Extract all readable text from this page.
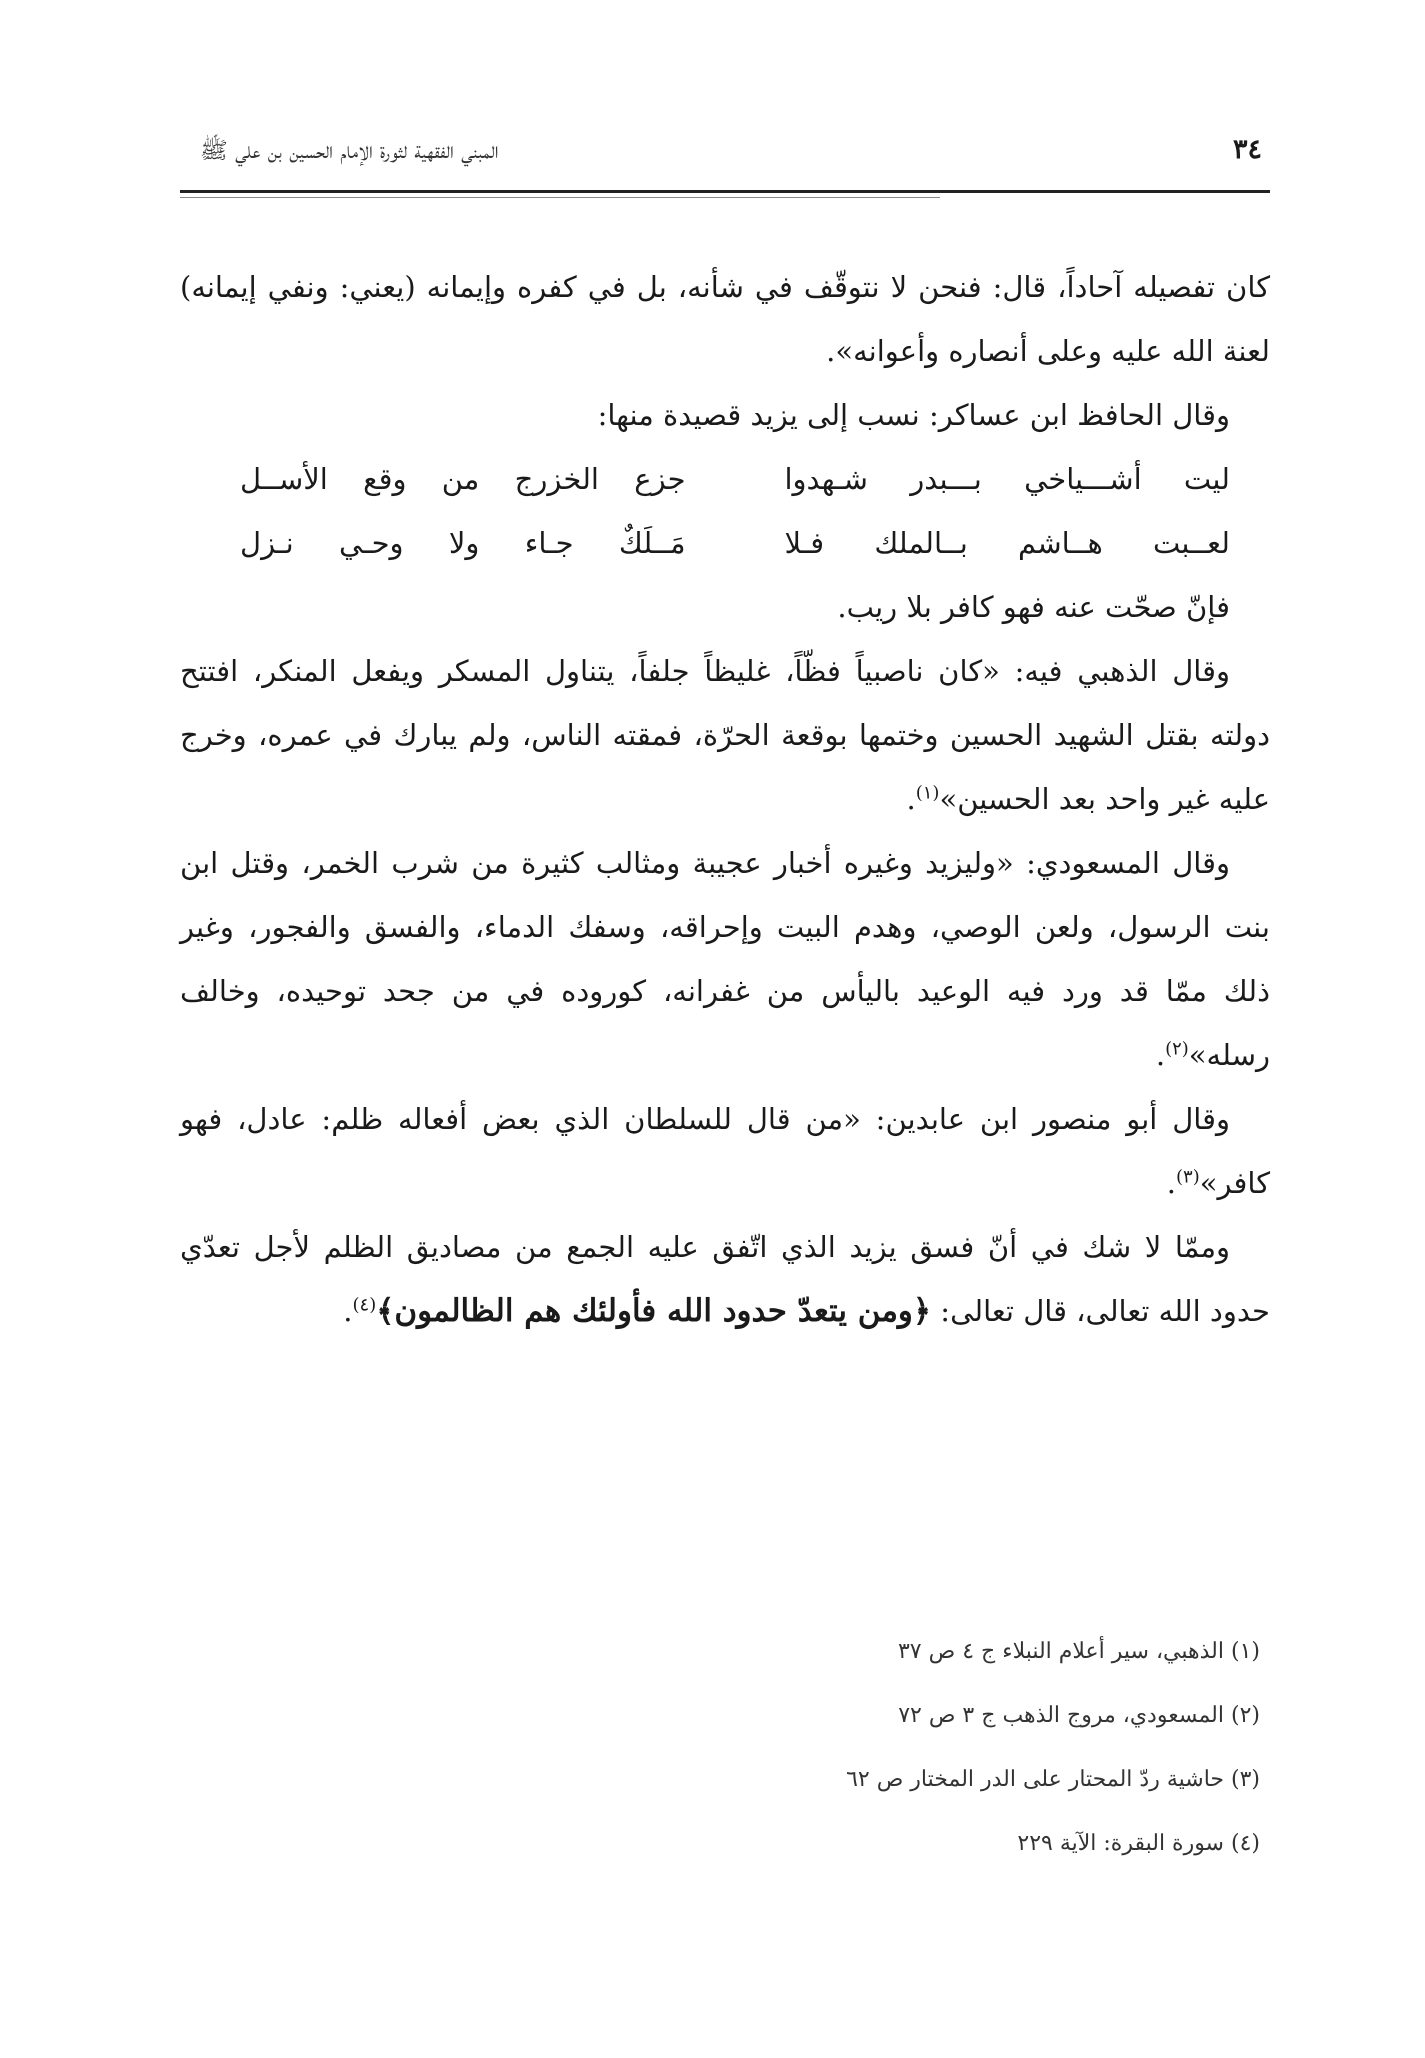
٣٤
المبني الفقهية لثورة الإمام الحسين بن علي ﷺ

كان تفصيله آحاداً، قال: فنحن لا نتوقّف في شأنه، بل في كفره وإيمانه (يعني: ونفي إيمانه) لعنة الله عليه وعلى أنصاره وأعوانه».

وقال الحافظ ابن عساكر: نسب إلى يزيد قصيدة منها:

ليت أشـــياخي بـــبدر شـهدوا
جزع الخزرج من وقع الأســل
لعــبت هــاشم بــالملك فـلا
مَــلَكٌ جـاء ولا وحـي نـزل

فإنّ صحّت عنه فهو كافر بلا ريب.

وقال الذهبي فيه: «كان ناصبياً فظّاً، غليظاً جلفاً، يتناول المسكر ويفعل المنكر، افتتح دولته بقتل الشهيد الحسين وختمها بوقعة الحرّة، فمقته الناس، ولم يبارك في عمره، وخرج عليه غير واحد بعد الحسين»$^{(١)}$.

وقال المسعودي: «وليزيد وغيره أخبار عجيبة ومثالب كثيرة من شرب الخمر، وقتل ابن بنت الرسول، ولعن الوصي، وهدم البيت وإحراقه، وسفك الدماء، والفسق والفجور، وغير ذلك ممّا قد ورد فيه الوعيد باليأس من غفرانه، كوروده في من جحد توحيده، وخالف رسله»$^{(٢)}$.

وقال أبو منصور ابن عابدين: «من قال للسلطان الذي بعض أفعاله ظلم: عادل، فهو كافر»$^{(٣)}$.

وممّا لا شك في أنّ فسق يزيد الذي اتّفق عليه الجمع من مصاديق الظلم لأجل تعدّي حدود الله تعالى، قال تعالى: ﴿ومن يتعدّ حدود الله فأولئك هم الظالمون﴾$^{(٤)}$.

(١) الذهبي، سير أعلام النبلاء ج ٤ ص ٣٧

(٢) المسعودي، مروج الذهب ج ٣ ص ٧٢

(٣) حاشية ردّ المحتار على الدر المختار ص ٦٢

(٤) سورة البقرة: الآية ٢٢٩
